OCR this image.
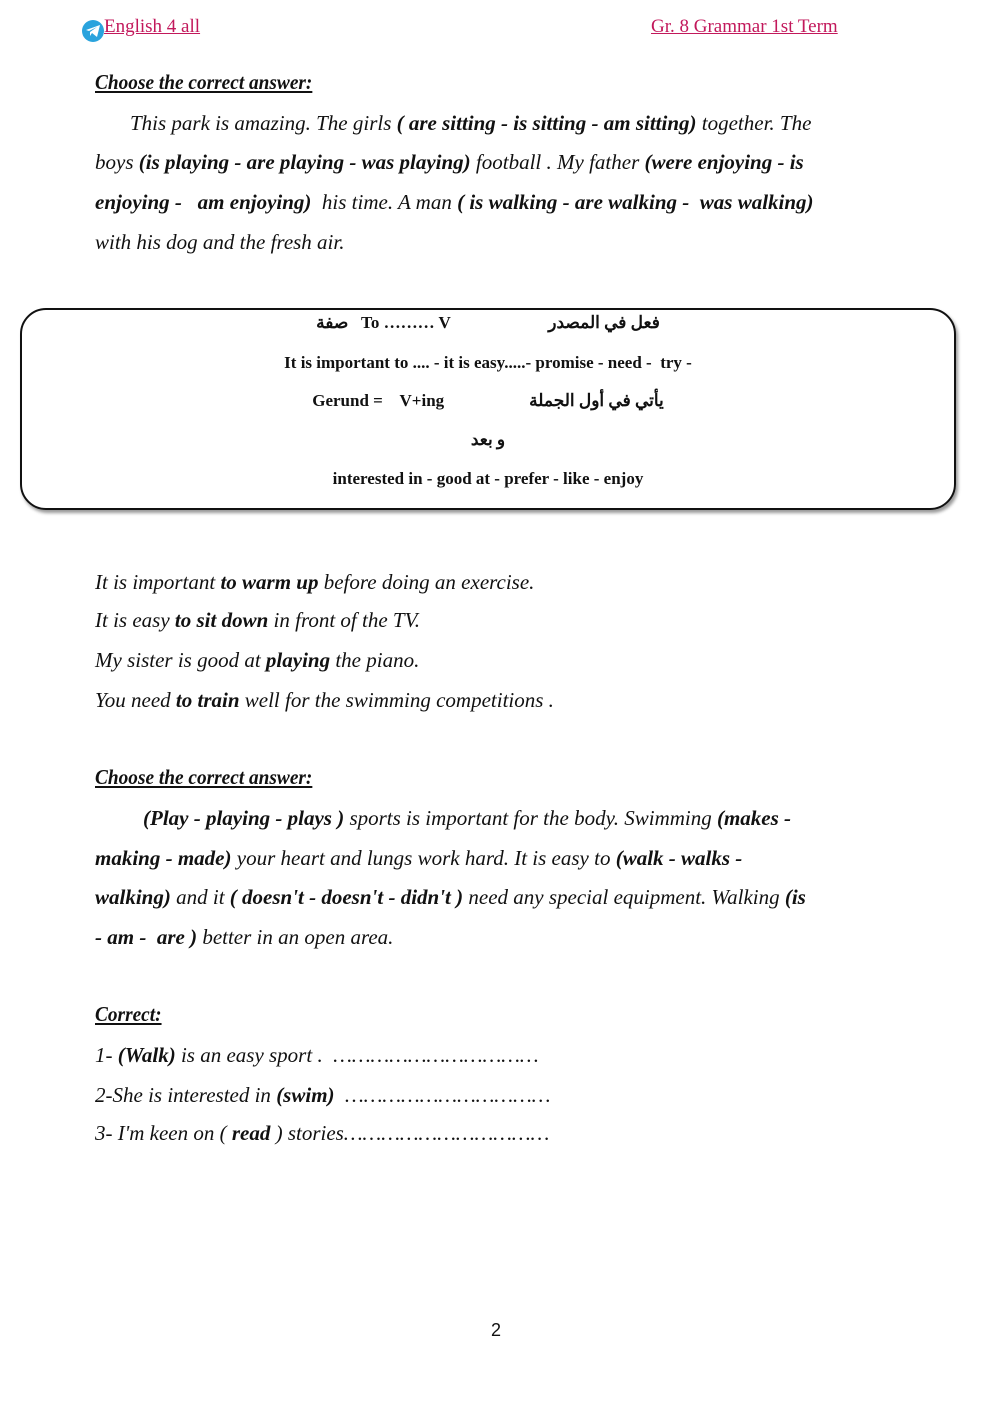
English 4 all	Gr. 8 Grammar 1st Term
Choose the correct answer:
This park is amazing. The girls ( are sitting - is sitting - am sitting) together. The
boys (is playing - are playing - was playing) football . My father (were enjoying - is
enjoying -   am enjoying)  his time. A man ( is walking - are walking -  was walking)
with his dog and the fresh air.
صفة To ……… V	فعل في المصدر
It is important to .... - it is easy.....- promise - need -  try -
Gerund =    V+ing	يأتي في أول الجملة
و بعد
interested in - good at - prefer - like - enjoy
It is important to warm up before doing an exercise.
It is easy to sit down in front of the TV.
My sister is good at playing the piano.
You need to train well for the swimming competitions .
Choose the correct answer:
(Play - playing - plays ) sports is important for the body. Swimming (makes -
making - made) your heart and lungs work hard. It is easy to (walk - walks -
walking) and it ( doesn't - doesn't - didn't ) need any special equipment. Walking (is
- am -  are ) better in an open area.
Correct:
1- (Walk) is an easy sport .  ……………………………
2-She is interested in (swim)  ……………………………
3- I'm keen on ( read ) stories……………………………
2
